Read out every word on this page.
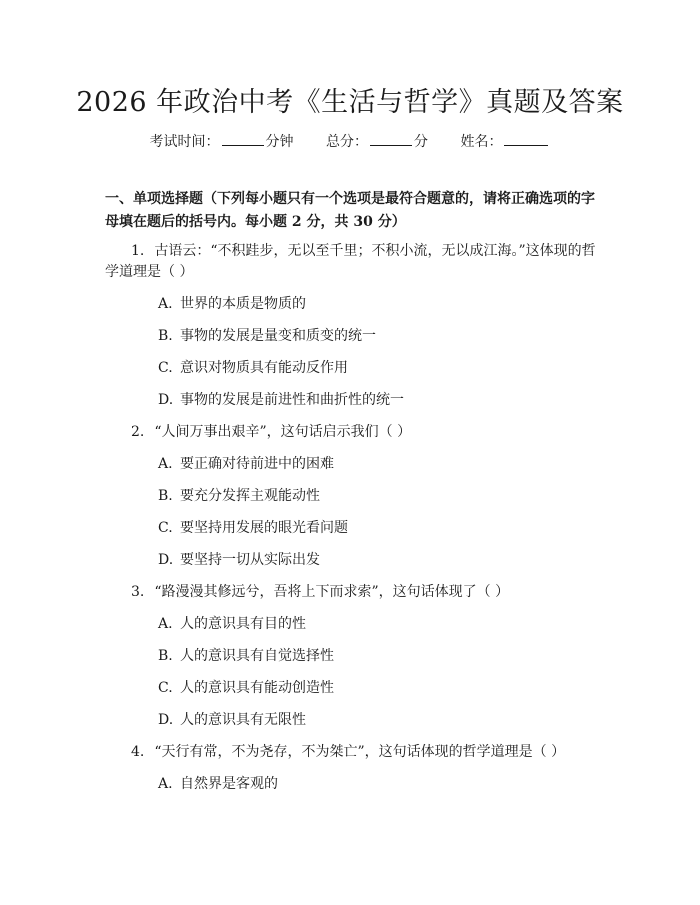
2026 年政治中考《生活与哲学》真题及答案
考试时间：	分钟 总分：	分 姓名：
一、单项选择题（下列每小题只有一个选项是最符合题意的，请将正确选项的字母填在题后的括号内。每小题 2 分，共 30 分）
1. 古语云：“不积跬步，无以至千里；不积小流，无以成江海。”这体现的哲学道理是（ ）
A. 世界的本质是物质的
B. 事物的发展是量变和质变的统一
C. 意识对物质具有能动反作用
D. 事物的发展是前进性和曲折性的统一
2. “人间万事出艰辛”，这句话启示我们（ ）
A. 要正确对待前进中的困难
B. 要充分发挥主观能动性
C. 要坚持用发展的眼光看问题
D. 要坚持一切从实际出发
3. “路漫漫其修远兮，吾将上下而求索”，这句话体现了（ ）
A. 人的意识具有目的性
B. 人的意识具有自觉选择性
C. 人的意识具有能动创造性
D. 人的意识具有无限性
4. “天行有常，不为尧存，不为桀亡”，这句话体现的哲学道理是（ ）
A. 自然界是客观的
